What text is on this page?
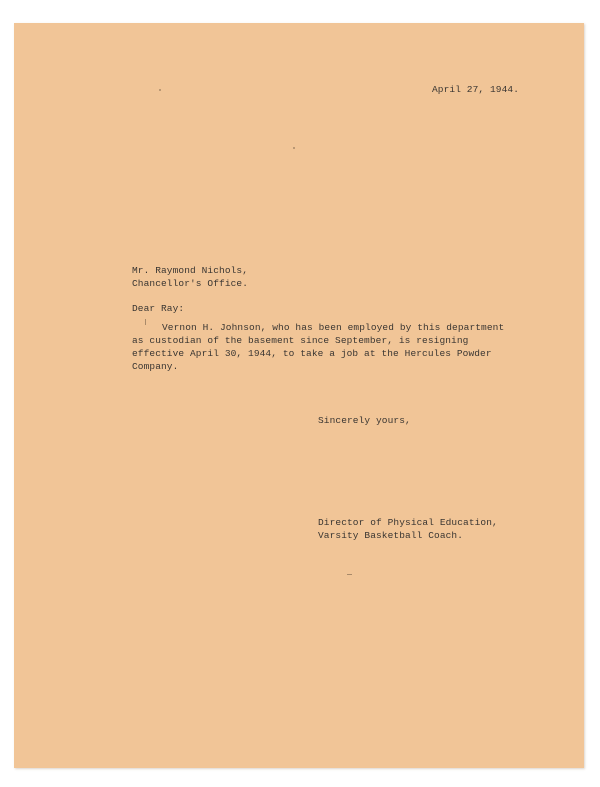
April 27, 1944.
Mr. Raymond Nichols,
Chancellor's Office.
Dear Ray:
Vernon H. Johnson, who has been employed by this department
as custodian of the basement since September, is resigning
effective April 30, 1944, to take a job at the Hercules Powder
Company.
Sincerely yours,
Director of Physical Education,
Varsity Basketball Coach.
